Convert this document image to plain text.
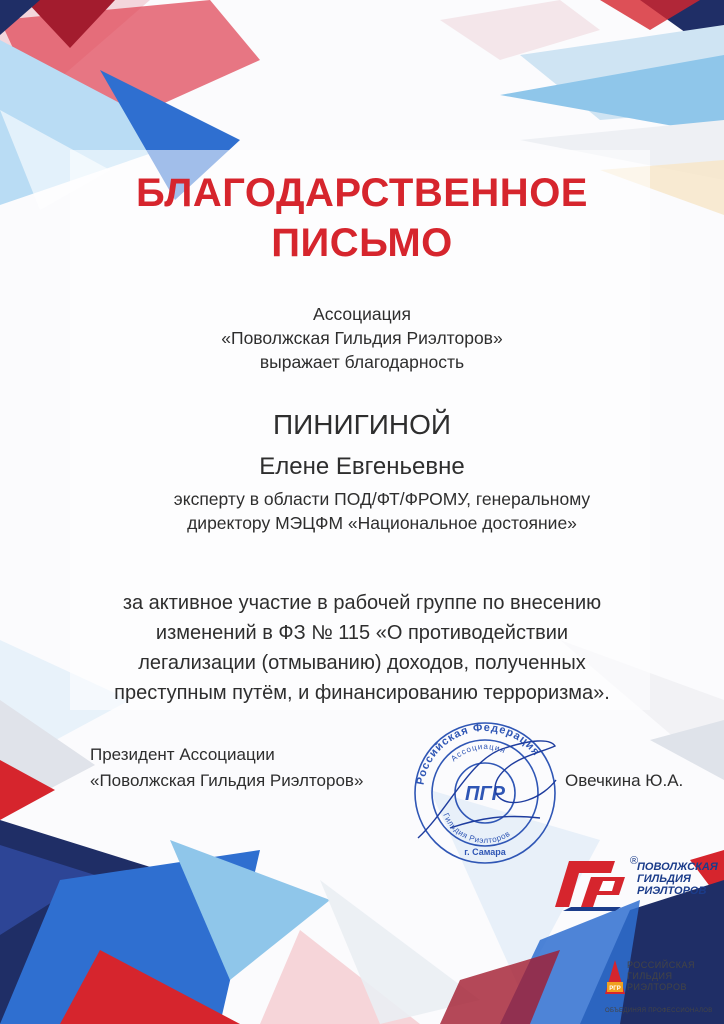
БЛАГОДАРСТВЕННОЕ
ПИСЬМО
Ассоциация
«Поволжская Гильдия Риэлторов»
выражает благодарность
ПИНИГИНОЙ
Елене Евгеньевне
эксперту в области ПОД/ФТ/ФРОМУ, генеральному
директору МЭЦФМ «Национальное достояние»
за активное участие в рабочей группе по внесению
изменений в ФЗ № 115 «О противодействии
легализации (отмыванию) доходов, полученных
преступным путём, и финансированию терроризма».
Президент Ассоциации
«Поволжская Гильдия Риэлторов»	Овечкина Ю.А.
Российская Федерация
Ассоциация
Гильдия Риэлторов
г. Самара
ПГР
ПОВОЛЖСКАЯ
ГИЛЬДИЯ
РИЭЛТОРОВ
®
РГР
РОССИЙСКАЯ
ГИЛЬДИЯ
РИЭЛТОРОВ
ОБЪЕДИНЯЯ ПРОФЕССИОНАЛОВ
